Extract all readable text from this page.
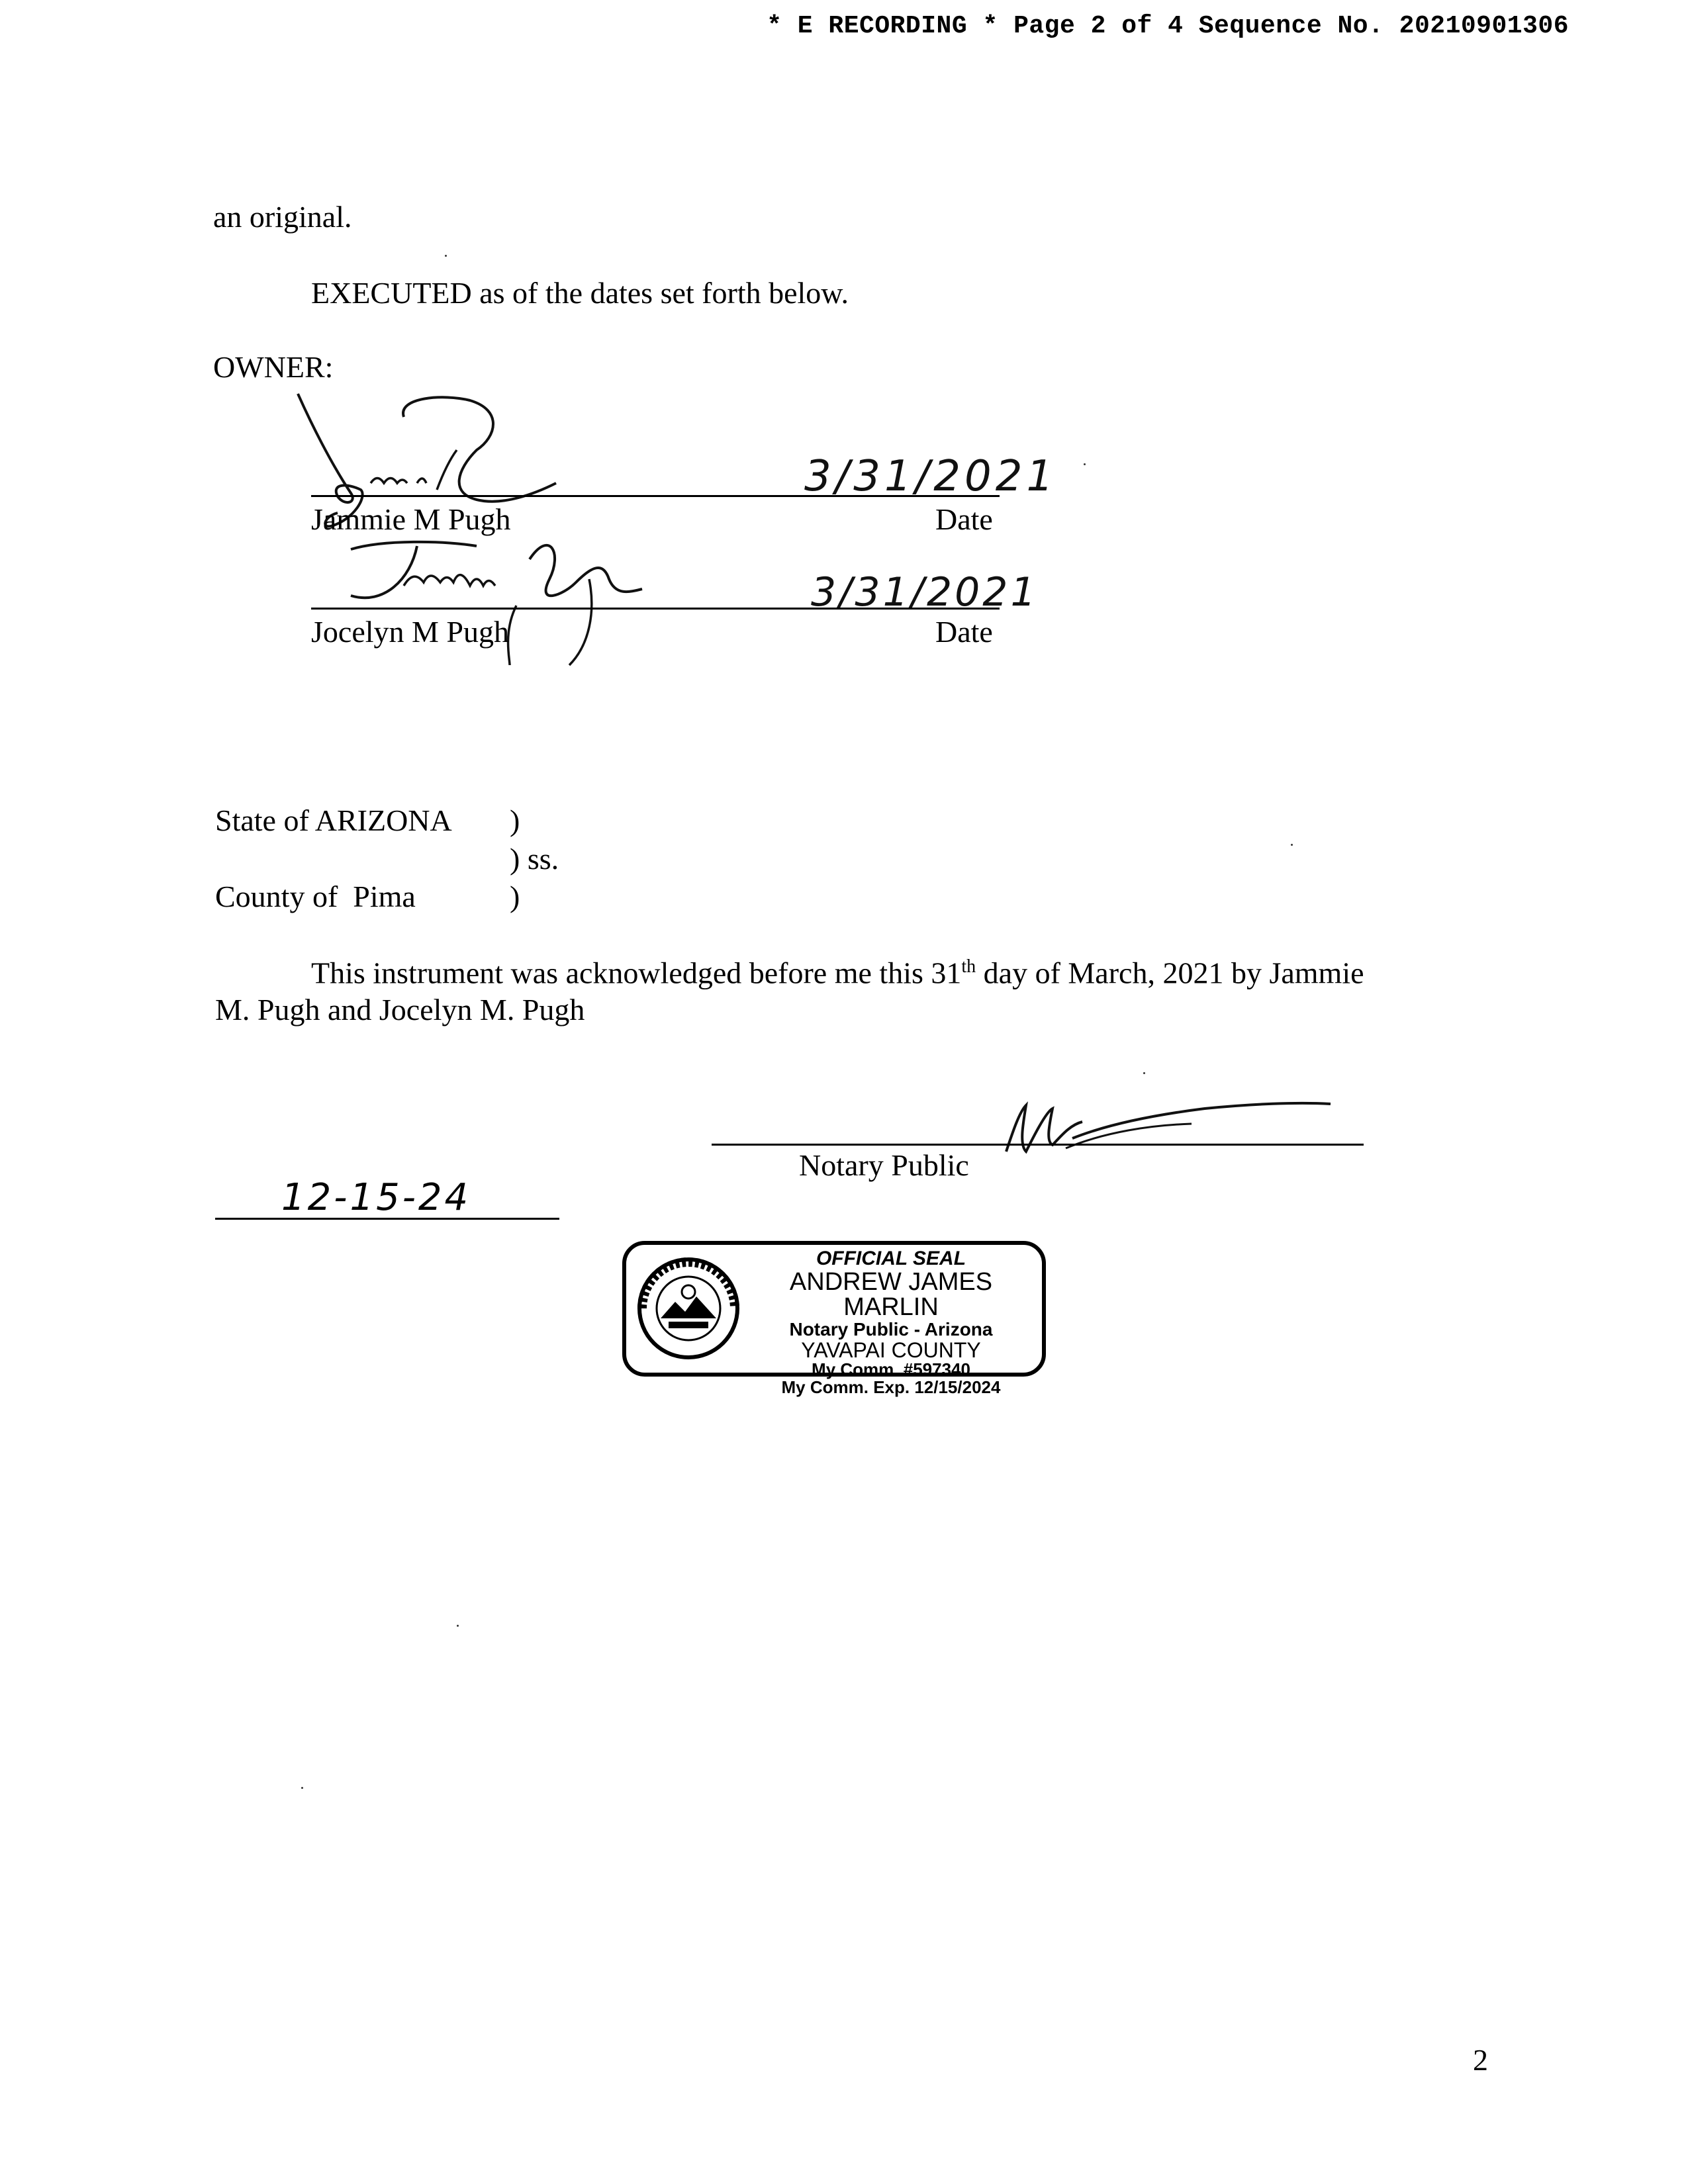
* E RECORDING * Page 2 of 4 Sequence No. 20210901306
an original.
EXECUTED as of the dates set forth below.
OWNER:
3/31/2021
Jammie M Pugh	Date
3/31/2021
Jocelyn M Pugh	Date
State of ARIZONA )
) ss.
County of  Pima	)
This instrument was acknowledged before me this 31th day of March, 2021 by Jammie
M. Pugh and Jocelyn M. Pugh
Notary Public
12-15-24
OFFICIAL SEAL
ANDREW JAMES MARLIN
Notary Public - Arizona
YAVAPAI COUNTY
My Comm. #597340
My Comm. Exp. 12/15/2024
2
